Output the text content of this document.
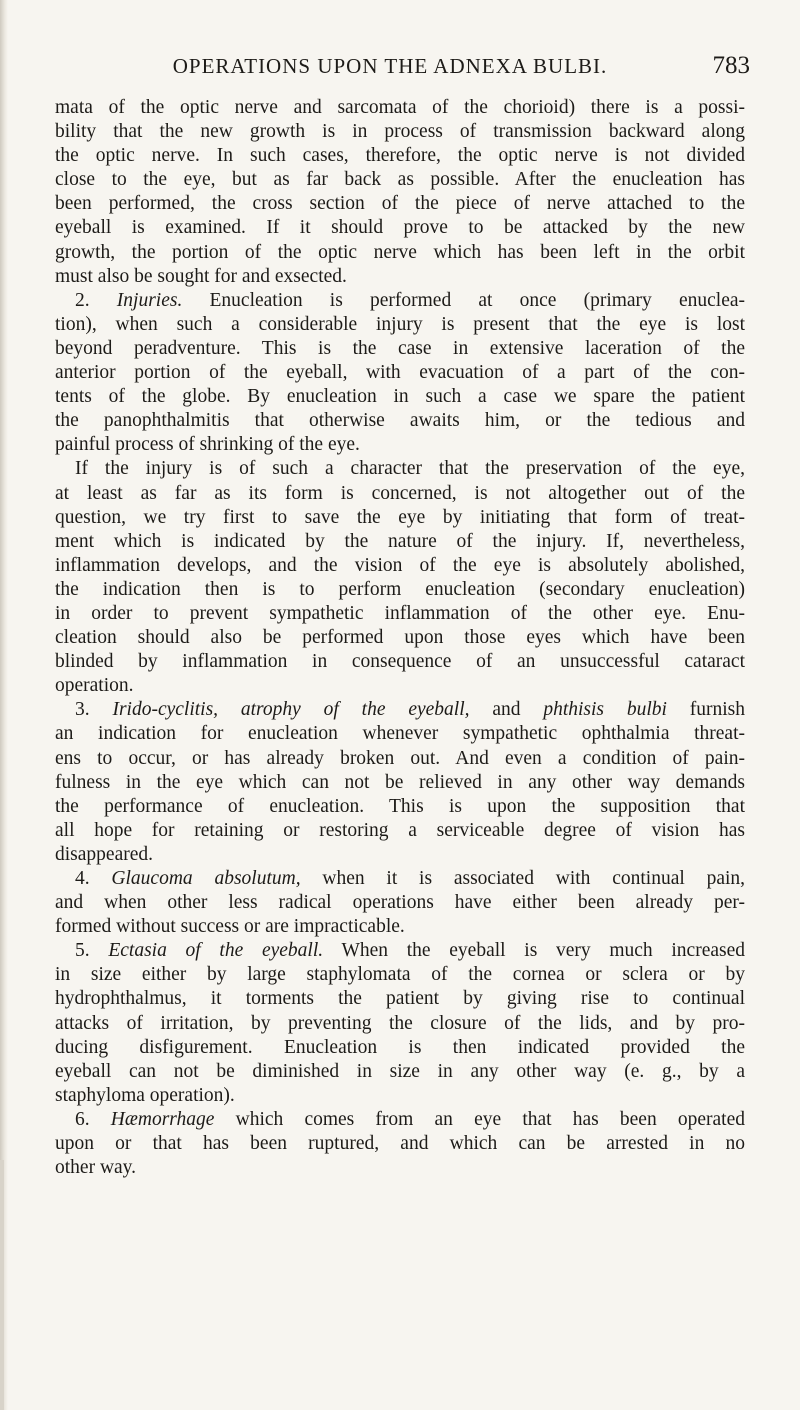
OPERATIONS UPON THE ADNEXA BULBI.	783
mata of the optic nerve and sarcomata of the chorioid) there is a possi-
bility that the new growth is in process of transmission backward along
the optic nerve. In such cases, therefore, the optic nerve is not divided
close to the eye, but as far back as possible. After the enucleation has
been performed, the cross section of the piece of nerve attached to the
eyeball is examined. If it should prove to be attacked by the new
growth, the portion of the optic nerve which has been left in the orbit
must also be sought for and exsected.
2. Injuries. Enucleation is performed at once (primary enuclea-
tion), when such a considerable injury is present that the eye is lost
beyond peradventure. This is the case in extensive laceration of the
anterior portion of the eyeball, with evacuation of a part of the con-
tents of the globe. By enucleation in such a case we spare the patient
the panophthalmitis that otherwise awaits him, or the tedious and
painful process of shrinking of the eye.
If the injury is of such a character that the preservation of the eye,
at least as far as its form is concerned, is not altogether out of the
question, we try first to save the eye by initiating that form of treat-
ment which is indicated by the nature of the injury. If, nevertheless,
inflammation develops, and the vision of the eye is absolutely abolished,
the indication then is to perform enucleation (secondary enucleation)
in order to prevent sympathetic inflammation of the other eye. Enu-
cleation should also be performed upon those eyes which have been
blinded by inflammation in consequence of an unsuccessful cataract
operation.
3. Irido-cyclitis, atrophy of the eyeball, and phthisis bulbi furnish
an indication for enucleation whenever sympathetic ophthalmia threat-
ens to occur, or has already broken out. And even a condition of pain-
fulness in the eye which can not be relieved in any other way demands
the performance of enucleation. This is upon the supposition that
all hope for retaining or restoring a serviceable degree of vision has
disappeared.
4. Glaucoma absolutum, when it is associated with continual pain,
and when other less radical operations have either been already per-
formed without success or are impracticable.
5. Ectasia of the eyeball. When the eyeball is very much increased
in size either by large staphylomata of the cornea or sclera or by
hydrophthalmus, it torments the patient by giving rise to continual
attacks of irritation, by preventing the closure of the lids, and by pro-
ducing disfigurement. Enucleation is then indicated provided the
eyeball can not be diminished in size in any other way (e. g., by a
staphyloma operation).
6. Hæmorrhage which comes from an eye that has been operated
upon or that has been ruptured, and which can be arrested in no
other way.
